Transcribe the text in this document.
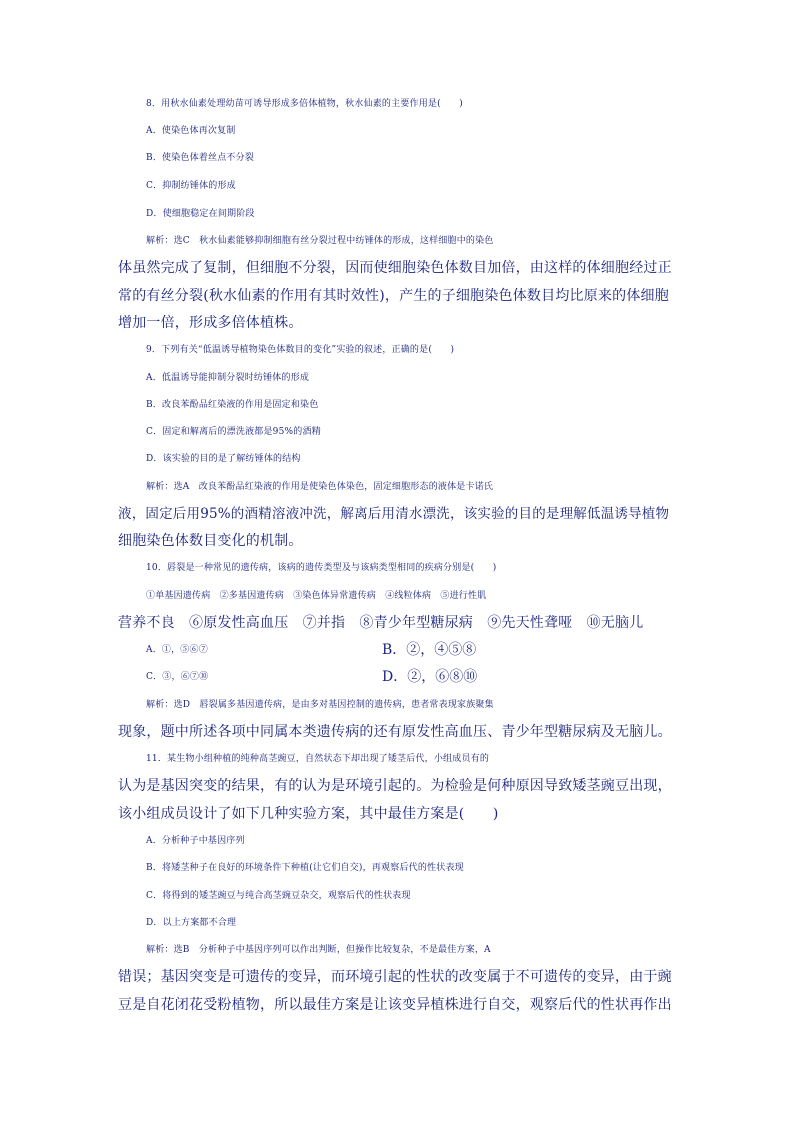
8．用秋水仙素处理幼苗可诱导形成多倍体植物，秋水仙素的主要作用是(　　)
A．使染色体再次复制
B．使染色体着丝点不分裂
C．抑制纺锤体的形成
D．使细胞稳定在间期阶段
解析：选C　秋水仙素能够抑制细胞有丝分裂过程中纺锤体的形成，这样细胞中的染色
体虽然完成了复制，但细胞不分裂，因而使细胞染色体数目加倍，由这样的体细胞经过正
常的有丝分裂(秋水仙素的作用有其时效性)，产生的子细胞染色体数目均比原来的体细胞
增加一倍，形成多倍体植株。
9．下列有关“低温诱导植物染色体数目的变化”实验的叙述，正确的是(　　)
A．低温诱导能抑制分裂时纺锤体的形成
B．改良苯酚品红染液的作用是固定和染色
C．固定和解离后的漂洗液都是95%的酒精
D．该实验的目的是了解纺锤体的结构
解析：选A　改良苯酚品红染液的作用是使染色体染色，固定细胞形态的液体是卡诺氏
液，固定后用95%的酒精溶液冲洗，解离后用清水漂洗，该实验的目的是理解低温诱导植物
细胞染色体数目变化的机制。
10．唇裂是一种常见的遗传病，该病的遗传类型及与该病类型相同的疾病分别是(　　)
①单基因遗传病　②多基因遗传病　③染色体异常遗传病　④线粒体病　⑤进行性肌
营养不良　⑥原发性高血压　⑦并指　⑧青少年型糖尿病　⑨先天性聋哑　⑩无脑儿
A．①，⑤⑥⑦	B．②，④⑤⑧
C．③，⑥⑦⑩	D．②，⑥⑧⑩
解析：选D　唇裂属多基因遗传病，是由多对基因控制的遗传病，患者常表现家族聚集
现象，题中所述各项中同属本类遗传病的还有原发性高血压、青少年型糖尿病及无脑儿。
11．某生物小组种植的纯种高茎豌豆，自然状态下却出现了矮茎后代，小组成员有的
认为是基因突变的结果，有的认为是环境引起的。为检验是何种原因导致矮茎豌豆出现，
该小组成员设计了如下几种实验方案，其中最佳方案是(　　)
A．分析种子中基因序列
B．将矮茎种子在良好的环境条件下种植(让它们自交)，再观察后代的性状表现
C．将得到的矮茎豌豆与纯合高茎豌豆杂交，观察后代的性状表现
D．以上方案都不合理
解析：选B　分析种子中基因序列可以作出判断，但操作比较复杂，不是最佳方案，A
错误；基因突变是可遗传的变异，而环境引起的性状的改变属于不可遗传的变异，由于豌
豆是自花闭花受粉植物，所以最佳方案是让该变异植株进行自交，观察后代的性状再作出
